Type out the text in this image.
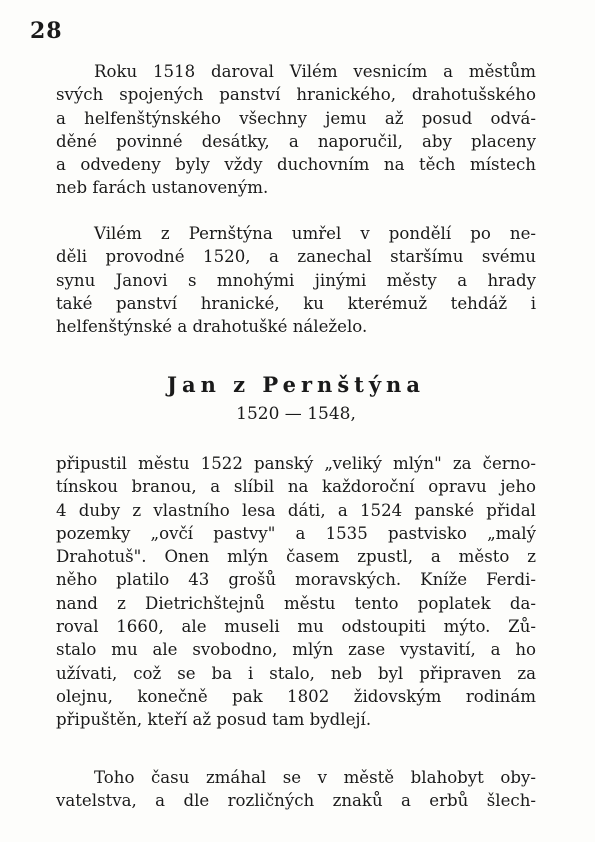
28
Roku 1518 daroval Vilém vesnicím a městům
svých spojených panství hranického, drahotušského
a helfenštýnského všechny jemu až posud odvá-
děné povinné desátky, a naporučil, aby placeny
a odvedeny byly vždy duchovním na těch místech
neb farách ustanoveným.
Vilém z Pernštýna umřel v pondělí po ne-
děli provodné 1520, a zanechal staršímu svému
synu Janovi s mnohými jinými městy a hrady
také panství hranické, ku kterémuž tehdáž i
helfenštýnské a drahotušké náleželo.
Jan z Pernštýna
1520 — 1548,
připustil městu 1522 panský „veliký mlýn" za černo-
tínskou branou, a slíbil na každoroční opravu jeho
4 duby z vlastního lesa dáti, a 1524 panské přidal
pozemky „ovčí pastvy" a 1535 pastvisko „malý
Drahotuš". Onen mlýn časem zpustl, a město z
něho platilo 43 grošů moravských. Kníže Ferdi-
nand z Dietrichštejnů městu tento poplatek da-
roval 1660, ale museli mu odstoupiti mýto. Zů-
stalo mu ale svobodno, mlýn zase vystavití, a ho
užívati, což se ba i stalo, neb byl připraven za
olejnu, konečně pak 1802 židovským rodinám
připuštěn, kteří až posud tam bydlejí.
Toho času zmáhal se v městě blahobyt oby-
vatelstva, a dle rozličných znaků a erbů šlech-
